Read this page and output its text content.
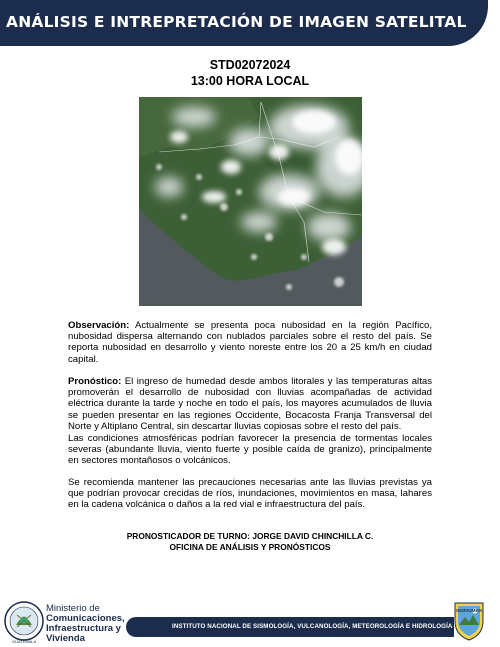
ANÁLISIS E INTREPRETACIÓN DE IMAGEN SATELITAL
STD02072024
13:00 HORA LOCAL
Observación: Actualmente se presenta poca nubosidad en la región Pacífico, nubosidad dispersa alternando con nublados parciales sobre el resto del país. Se reporta nubosidad en desarrollo y viento noreste entre los 20 a 25 km/h en ciudad capital.
Pronóstico: El ingreso de humedad desde ambos litorales y las temperaturas altas promoverán el desarrollo de nubosidad con lluvias acompañadas de actividad eléctrica durante la tarde y noche en todo el país, los mayores acumulados de lluvia se pueden presentar en las regiones Occidente, Bocacosta Franja Transversal del Norte y Altiplano Central, sin descartar lluvias copiosas sobre el resto del país.
Las condiciones atmosféricas podrían favorecer la presencia de tormentas locales severas (abundante lluvia, viento fuerte y posible caída de granizo), principalmente en sectores montañosos o volcánicos.
Se recomienda mantener las precauciones necesarias ante las lluvias previstas ya que podrían provocar crecidas de ríos, inundaciones, movimientos en masa, lahares en la cadena volcánica o daños a la red vial e infraestructura del país.
PRONOSTICADOR DE TURNO: JORGE DAVID CHINCHILLA C.
OFICINA DE ANÁLISIS Y PRONÓSTICOS
GUATEMALA
Ministerio de
Comunicaciones,
Infraestructura y
Vivienda
INSTITUTO NACIONAL DE SISMOLOGÍA, VULCANOLOGÍA, METEOROLOGÍA E HIDROLOGÍA
INSIVUMEH
